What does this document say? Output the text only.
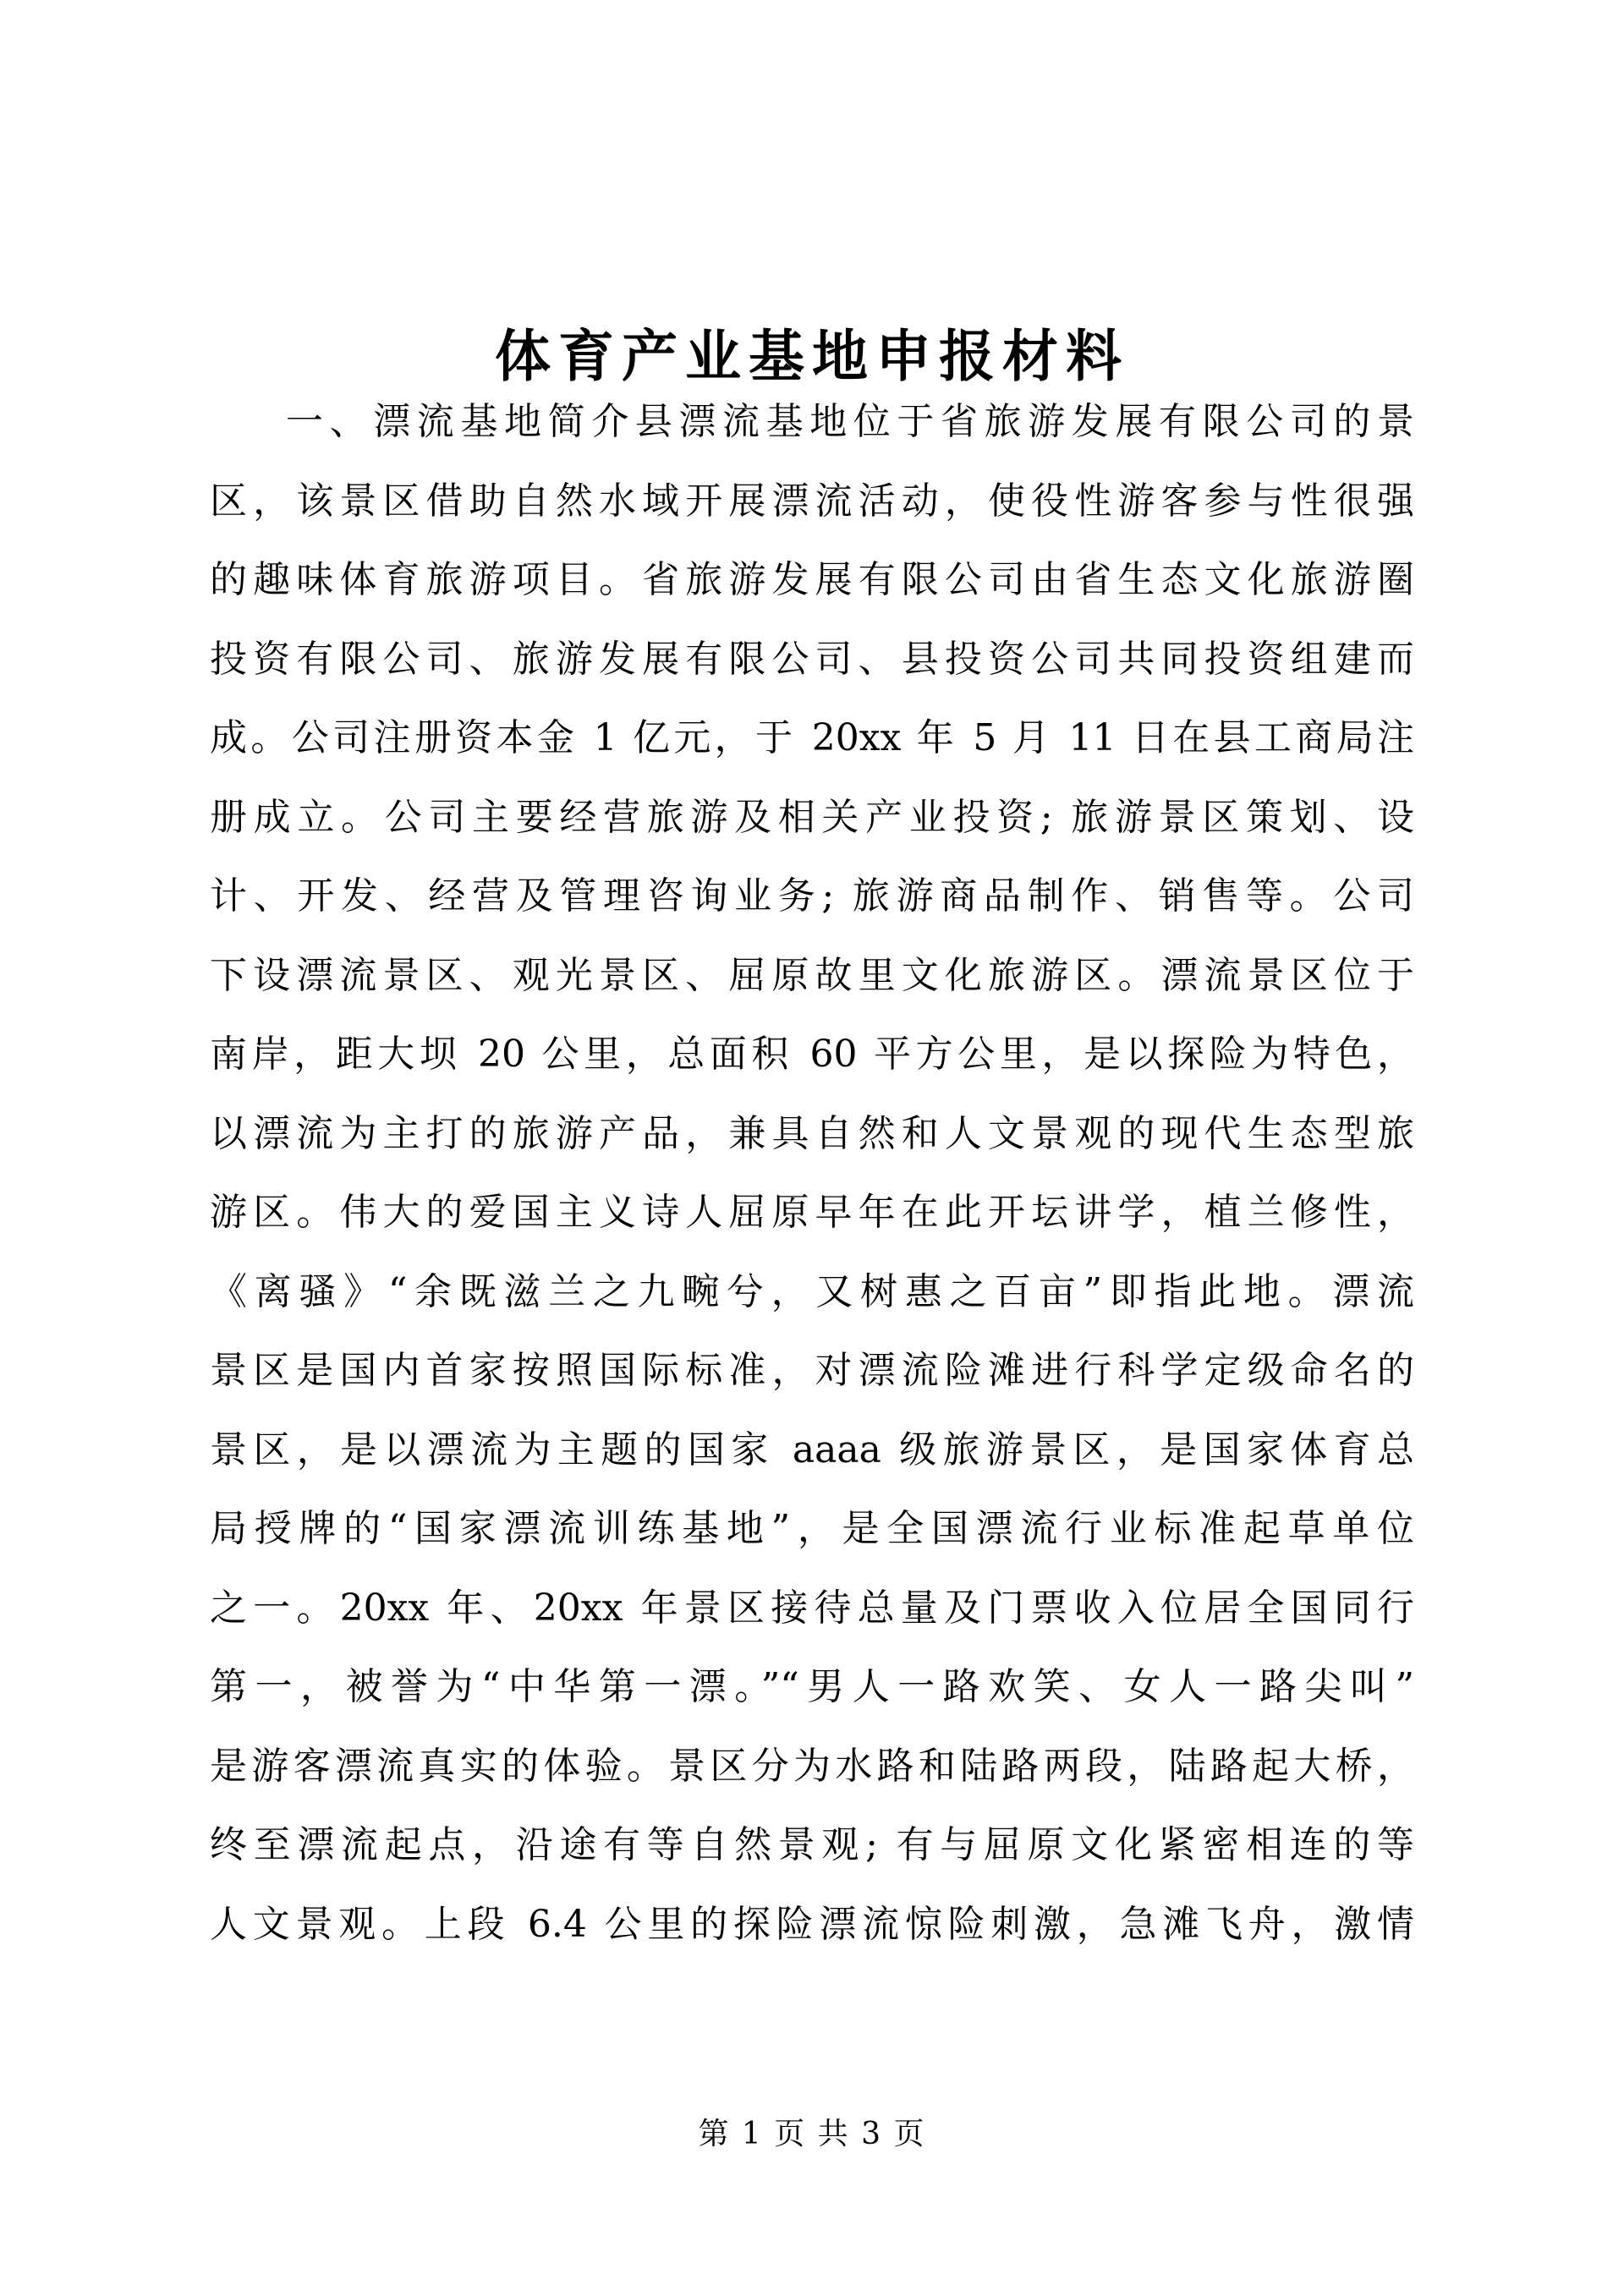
体育产业基地申报材料
一、漂流基地简介县漂流基地位于省旅游发展有限公司的景
区，该景区借助自然水域开展漂流活动，使役性游客参与性很强
的趣味体育旅游项目。省旅游发展有限公司由省生态文化旅游圈
投资有限公司、旅游发展有限公司、县投资公司共同投资组建而
成。公司注册资本金 1 亿元，于 20xx 年 5 月 11 日在县工商局注
册成立。公司主要经营旅游及相关产业投资; 旅游景区策划、设
计、开发、经营及管理咨询业务; 旅游商品制作、销售等。公司
下设漂流景区、观光景区、屈原故里文化旅游区。漂流景区位于
南岸，距大坝 20 公里，总面积 60 平方公里，是以探险为特色，
以漂流为主打的旅游产品，兼具自然和人文景观的现代生态型旅
游区。伟大的爱国主义诗人屈原早年在此开坛讲学，植兰修性，
《离骚》“余既滋兰之九畹兮，又树惠之百亩”即指此地。漂流
景区是国内首家按照国际标准，对漂流险滩进行科学定级命名的
景区，是以漂流为主题的国家 aaaa 级旅游景区，是国家体育总
局授牌的“国家漂流训练基地”，是全国漂流行业标准起草单位
之一。20xx 年、20xx 年景区接待总量及门票收入位居全国同行
第一，被誉为“中华第一漂。”“男人一路欢笑、女人一路尖叫”
是游客漂流真实的体验。景区分为水路和陆路两段，陆路起大桥，
终至漂流起点，沿途有等自然景观; 有与屈原文化紧密相连的等
人文景观。上段 6.4 公里的探险漂流惊险刺激，急滩飞舟，激情
第 1 页 共 3 页
